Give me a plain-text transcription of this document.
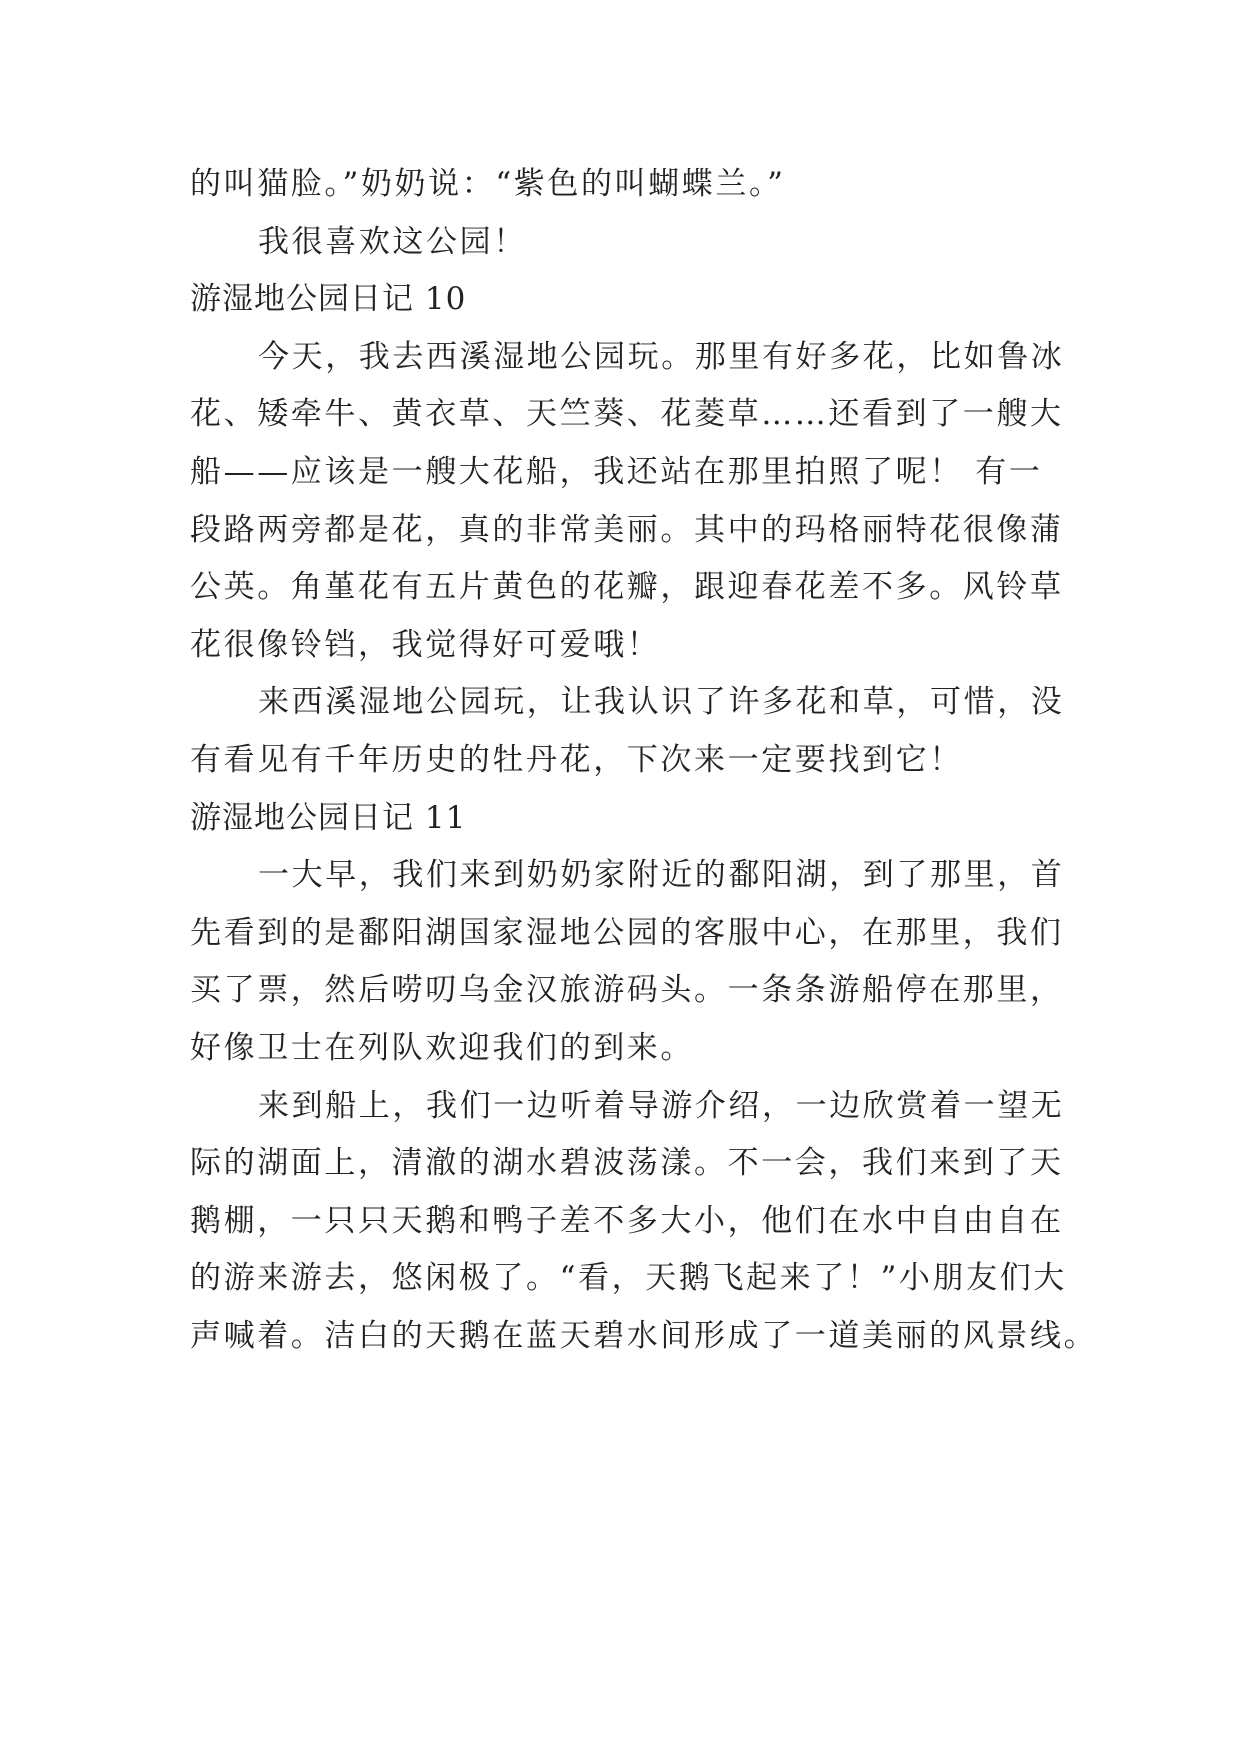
的叫猫脸。”奶奶说：“紫色的叫蝴蝶兰。”
我很喜欢这公园！
游湿地公园日记 10
今天，我去西溪湿地公园玩。那里有好多花，比如鲁冰
花、矮牵牛、黄衣草、天竺葵、花菱草……还看到了一艘大
船——应该是一艘大花船，我还站在那里拍照了呢！ 有一
段路两旁都是花，真的非常美丽。其中的玛格丽特花很像蒲
公英。角堇花有五片黄色的花瓣，跟迎春花差不多。风铃草
花很像铃铛，我觉得好可爱哦！
来西溪湿地公园玩，让我认识了许多花和草，可惜，没
有看见有千年历史的牡丹花，下次来一定要找到它！
游湿地公园日记 11
一大早，我们来到奶奶家附近的鄱阳湖，到了那里，首
先看到的是鄱阳湖国家湿地公园的客服中心，在那里，我们
买了票，然后唠叨乌金汉旅游码头。一条条游船停在那里，
好像卫士在列队欢迎我们的到来。
来到船上，我们一边听着导游介绍，一边欣赏着一望无
际的湖面上，清澈的湖水碧波荡漾。不一会，我们来到了天
鹅棚，一只只天鹅和鸭子差不多大小，他们在水中自由自在
的游来游去，悠闲极了。“看，天鹅飞起来了！”小朋友们大
声喊着。洁白的天鹅在蓝天碧水间形成了一道美丽的风景线。
